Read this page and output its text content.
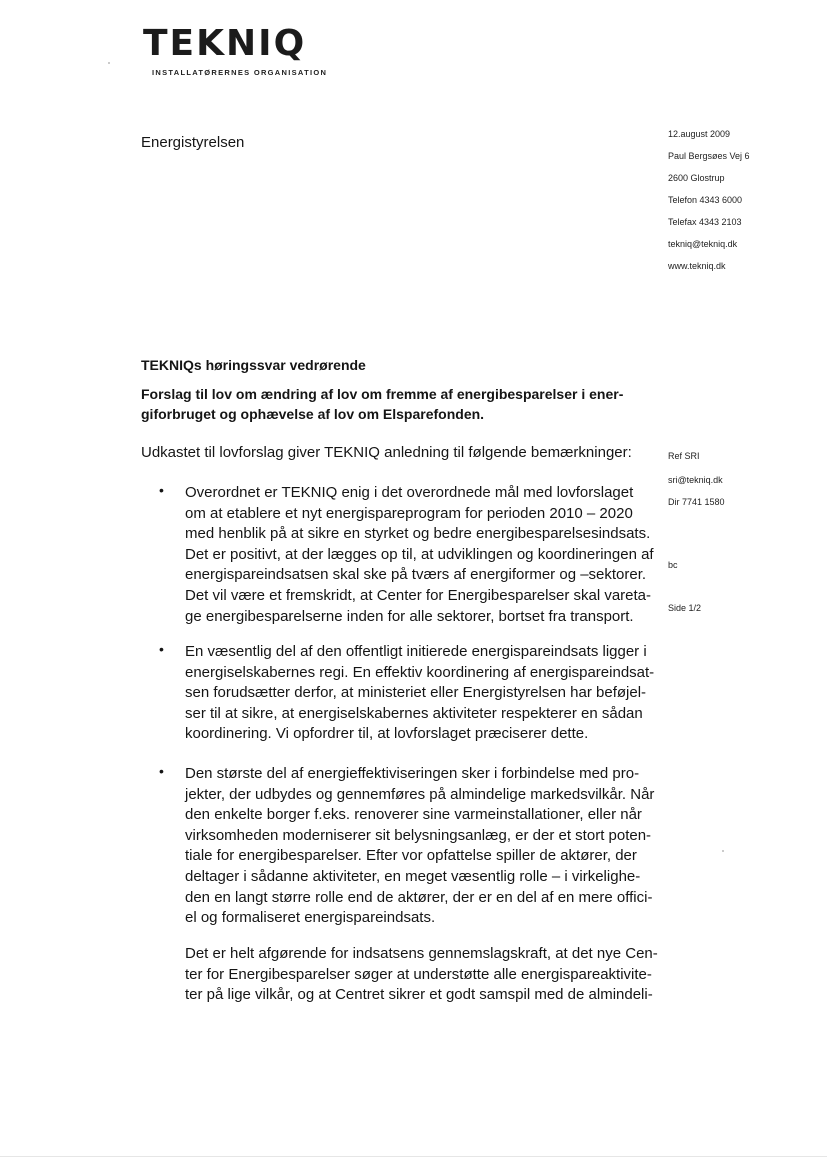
TEKNIQ
INSTALLATØRERNES ORGANISATION
Energistyrelsen	12.august 2009
Paul Bergsøes Vej 6
2600 Glostrup
Telefon 4343 6000
Telefax 4343 2103
tekniq@tekniq.dk
www.tekniq.dk
Ref SRI
sri@tekniq.dk
Dir 7741 1580
bc
Side 1/2
TEKNIQs høringssvar vedrørende
Forslag til lov om ændring af lov om fremme af energibesparelser i ener-
giforbruget og ophævelse af lov om Elsparefonden.
Udkastet til lovforslag giver TEKNIQ anledning til følgende bemærkninger:
• Overordnet er TEKNIQ enig i det overordnede mål med lovforslaget
om at etablere et nyt energispareprogram for perioden 2010 – 2020
med henblik på at sikre en styrket og bedre energibesparelsesindsats.
Det er positivt, at der lægges op til, at udviklingen og koordineringen af
energispareindsatsen skal ske på tværs af energiformer og –sektorer.
Det vil være et fremskridt, at Center for Energibesparelser skal vareta-
ge energibesparelserne inden for alle sektorer, bortset fra transport.
• En væsentlig del af den offentligt initierede energispareindsats ligger i
energiselskabernes regi. En effektiv koordinering af energispareindsat-
sen forudsætter derfor, at ministeriet eller Energistyrelsen har beføjel-
ser til at sikre, at energiselskabernes aktiviteter respekterer en sådan
koordinering. Vi opfordrer til, at lovforslaget præciserer dette.
• Den største del af energieffektiviseringen sker i forbindelse med pro-
jekter, der udbydes og gennemføres på almindelige markedsvilkår. Når
den enkelte borger f.eks. renoverer sine varmeinstallationer, eller når
virksomheden moderniserer sit belysningsanlæg, er der et stort poten-
tiale for energibesparelser. Efter vor opfattelse spiller de aktører, der
deltager i sådanne aktiviteter, en meget væsentlig rolle – i virkelighe-
den en langt større rolle end de aktører, der er en del af en mere offici-
el og formaliseret energispareindsats.
Det er helt afgørende for indsatsens gennemslagskraft, at det nye Cen-
ter for Energibesparelser søger at understøtte alle energispareaktivite-
ter på lige vilkår, og at Centret sikrer et godt samspil med de almindeli-
